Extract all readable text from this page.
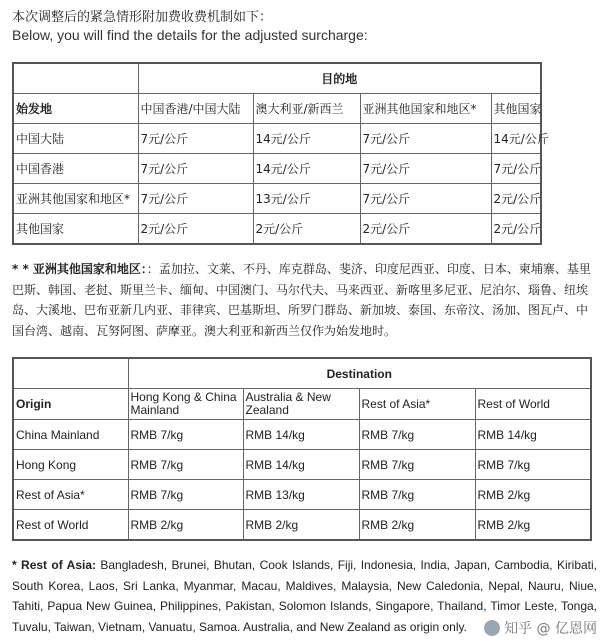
本次调整后的紧急情形附加费收费机制如下：
Below, you will find the details for the adjusted surcharge:
	目的地			
始发地	中国香港/中国大陆	澳大利亚/新西兰	亚洲其他国家和地区*	其他国家
中国大陆	7元/公斤	14元/公斤	7元/公斤	14元/公斤
中国香港	7元/公斤	14元/公斤	7元/公斤	7元/公斤
亚洲其他国家和地区*	7元/公斤	13元/公斤	7元/公斤	2元/公斤
其他国家	2元/公斤	2元/公斤	2元/公斤	2元/公斤
* * 亚洲其他国家和地区：：孟加拉、文莱、不丹、库克群岛、斐济、印度尼西亚、印度、日本、柬埔寨、基里巴斯、韩国、老挝、斯里兰卡、缅甸、中国澳门、马尔代夫、马来西亚、新喀里多尼亚、尼泊尔、瑙鲁、纽埃岛、大溪地、巴布亚新几内亚、菲律宾、巴基斯坦、所罗门群岛、新加坡、泰国、东帝汶、汤加、图瓦卢、中国台湾、越南、瓦努阿图、萨摩亚。澳大利亚和新西兰仅作为始发地时。
	Destination			
Origin	Hong Kong & China Mainland	Australia & New Zealand	Rest of Asia*	Rest of World
China Mainland	RMB 7/kg	RMB 14/kg	RMB 7/kg	RMB 14/kg
Hong Kong	RMB 7/kg	RMB 14/kg	RMB 7/kg	RMB 7/kg
Rest of Asia*	RMB 7/kg	RMB 13/kg	RMB 7/kg	RMB 2/kg
Rest of World	RMB 2/kg	RMB 2/kg	RMB 2/kg	RMB 2/kg
* Rest of Asia: Bangladesh, Brunei, Bhutan, Cook Islands, Fiji, Indonesia, India, Japan, Cambodia, Kiribati, South Korea, Laos, Sri Lanka, Myanmar, Macau, Maldives, Malaysia, New Caledonia, Nepal, Nauru, Niue, Tahiti, Papua New Guinea, Philippines, Pakistan, Solomon Islands, Singapore, Thailand, Timor Leste, Tonga, Tuvalu, Taiwan, Vietnam, Vanuatu, Samoa. Australia, and New Zealand as origin only.	知乎 @ 亿恩网
